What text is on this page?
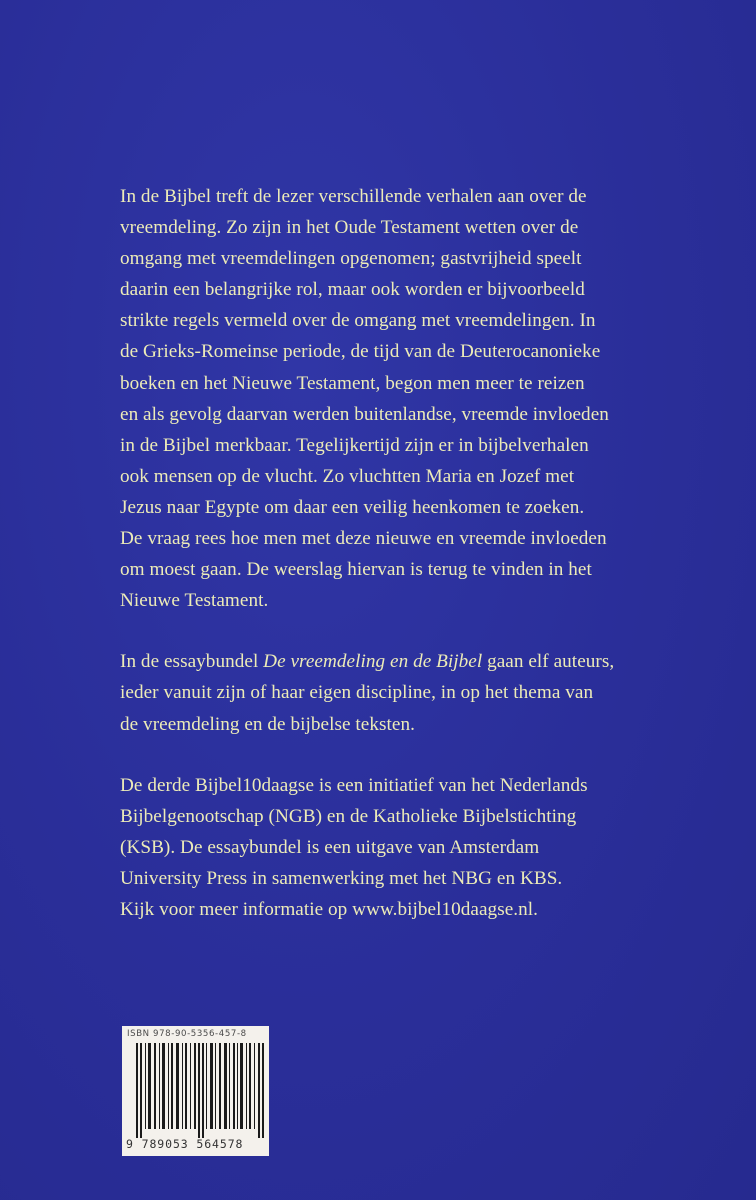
In de Bijbel treft de lezer verschillende verhalen aan over de
vreemdeling. Zo zijn in het Oude Testament wetten over de
omgang met vreemdelingen opgenomen; gastvrijheid speelt
daarin een belangrijke rol, maar ook worden er bijvoorbeeld
strikte regels vermeld over de omgang met vreemdelingen. In
de Grieks-Romeinse periode, de tijd van de Deuterocanonieke
boeken en het Nieuwe Testament, begon men meer te reizen
en als gevolg daarvan werden buitenlandse, vreemde invloeden
in de Bijbel merkbaar. Tegelijkertijd zijn er in bijbelverhalen
ook mensen op de vlucht. Zo vluchtten Maria en Jozef met
Jezus naar Egypte om daar een veilig heenkomen te zoeken.
De vraag rees hoe men met deze nieuwe en vreemde invloeden
om moest gaan. De weerslag hiervan is terug te vinden in het
Nieuwe Testament.

In de essaybundel De vreemdeling en de Bijbel gaan elf auteurs,
ieder vanuit zijn of haar eigen discipline, in op het thema van
de vreemdeling en de bijbelse teksten.

De derde Bijbel10daagse is een initiatief van het Nederlands
Bijbelgenootschap (NGB) en de Katholieke Bijbelstichting
(KSB). De essaybundel is een uitgave van Amsterdam
University Press in samenwerking met het NBG en KBS.
Kijk voor meer informatie op www.bijbel10daagse.nl.

ISBN 978-90-5356-457-8
9 789053 564578
